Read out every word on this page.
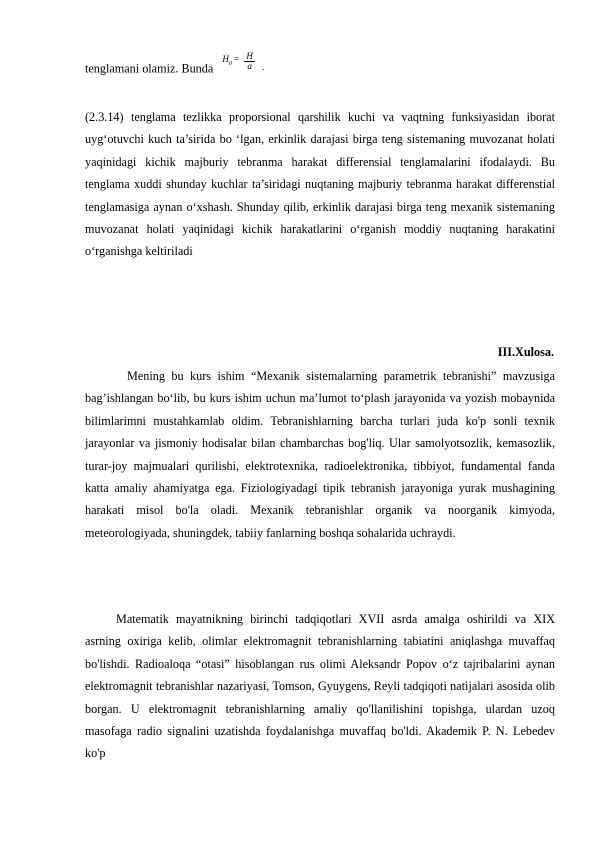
tenglamani olamiz. Bunda $H_0 = \frac{H}{a}$ .

(2.3.14) tenglama tezlikka proporsional qarshilik kuchi va vaqtning funksiyasidan iborat uyg‘otuvchi kuch ta’sirida bo ‘lgan, erkinlik darajasi birga teng sistemaning muvozanat holati yaqinidagi kichik majburiy tebranma harakat differensial tenglamalarini ifodalaydi. Bu tenglama xuddi shunday kuchlar ta’siridagi nuqtaning majburiy tebranma harakat differenstial tenglamasiga aynan o‘xshash. Shunday qilib, erkinlik darajasi birga teng mexanik sistemaning muvozanat holati yaqinidagi kichik harakatlarini o‘rganish moddiy nuqtaning harakatini o‘rganishga keltiriladi

III.Xulosa.

Mening bu kurs ishim “Mexanik sistemalarning parametrik tebranishi” mavzusiga bag’ishlangan bo‘lib, bu kurs ishim uchun ma’lumot to‘plash jarayonida va yozish mobaynida bilimlarimni mustahkamlab oldim. Tebranishlarning barcha turlari juda ko'p sonli texnik jarayonlar va jismoniy hodisalar bilan chambarchas bog'liq. Ular samolyotsozlik, kemasozlik, turar-joy majmualari qurilishi, elektrotexnika, radioelektronika, tibbiyot, fundamental fanda katta amaliy ahamiyatga ega. Fiziologiyadagi tipik tebranish jarayoniga yurak mushagining harakati misol bo'la oladi. Mexanik tebranishlar organik va noorganik kimyoda, meteorologiyada, shuningdek, tabiiy fanlarning boshqa sohalarida uchraydi.

Matematik mayatnikning birinchi tadqiqotlari XVII asrda amalga oshirildi va XIX asrning oxiriga kelib, olimlar elektromagnit tebranishlarning tabiatini aniqlashga muvaffaq bo'lishdi. Radioaloqa “otasi” hisoblangan rus olimi Aleksandr Popov o‘z tajribalarini aynan elektromagnit tebranishlar nazariyasi, Tomson, Gyuygens, Reyli tadqiqoti natijalari asosida olib borgan. U elektromagnit tebranishlarning amaliy qo'llanilishini topishga, ulardan uzoq masofaga radio signalini uzatishda foydalanishga muvaffaq bo'ldi. Akademik P. N. Lebedev ko'p
